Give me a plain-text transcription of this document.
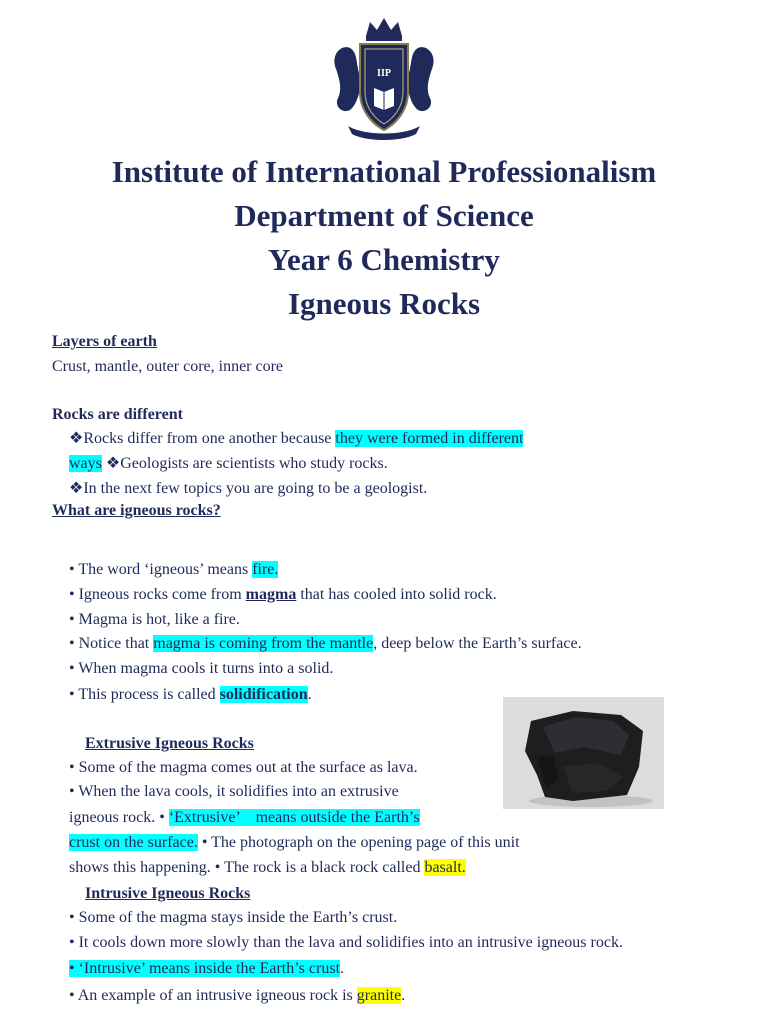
IIP
Institute of International Professionalism
Department of Science
Year 6 Chemistry
Igneous Rocks
Layers of earth
Crust, mantle, outer core, inner core
Rocks are different
❖Rocks differ from one another because they were formed in different
ways ❖Geologists are scientists who study rocks.
❖In the next few topics you are going to be a geologist.
What are igneous rocks?
• The word ‘igneous’ means fire.
• Igneous rocks come from magma that has cooled into solid rock.
• Magma is hot, like a fire.
• Notice that magma is coming from the mantle, deep below the Earth’s surface.
• When magma cools it turns into a solid.
• This process is called solidification.
Extrusive Igneous Rocks
• Some of the magma comes out at the surface as lava.
• When the lava cools, it solidifies into an extrusive
igneous rock. • ‘Extrusive’    means outside the Earth’s
crust on the surface. • The photograph on the opening page of this unit
shows this happening. • The rock is a black rock called basalt.
Intrusive Igneous Rocks
• Some of the magma stays inside the Earth’s crust.
• It cools down more slowly than the lava and solidifies into an intrusive igneous rock.
• ‘Intrusive’ means inside the Earth’s crust.
• An example of an intrusive igneous rock is granite.
